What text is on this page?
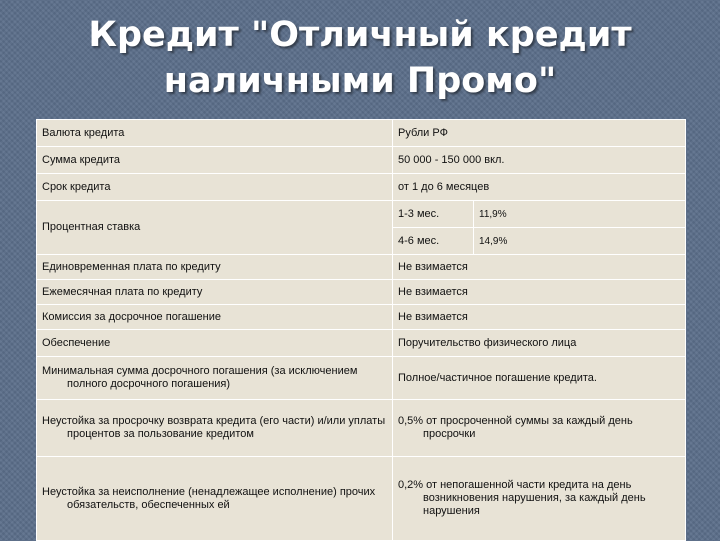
Кредит "Отличный кредит
наличными Промо"
Валюта кредита	Рубли РФ	
Сумма кредита	50 000 - 150 000 вкл.	
Срок кредита	от 1 до 6 месяцев	
Процентная ставка	1-3 мес.	11,9%
	4-6 мес.	14,9%
Единовременная плата по кредиту	Не взимается	
Ежемесячная плата по кредиту	Не взимается	
Комиссия за досрочное погашение	Не взимается	
Обеспечение	Поручительство физического лица	
Минимальная сумма досрочного погашения (за исключением полного досрочного погашения)	Полное/частичное погашение кредита.	
Неустойка за просрочку возврата кредита (его части) и/или уплаты процентов за пользование кредитом	0,5% от просроченной суммы за каждый день просрочки	
Неустойка за неисполнение (ненадлежащее исполнение) прочих обязательств, обеспеченных ей	0,2% от непогашенной части кредита на день возникновения нарушения, за каждый день нарушения	
